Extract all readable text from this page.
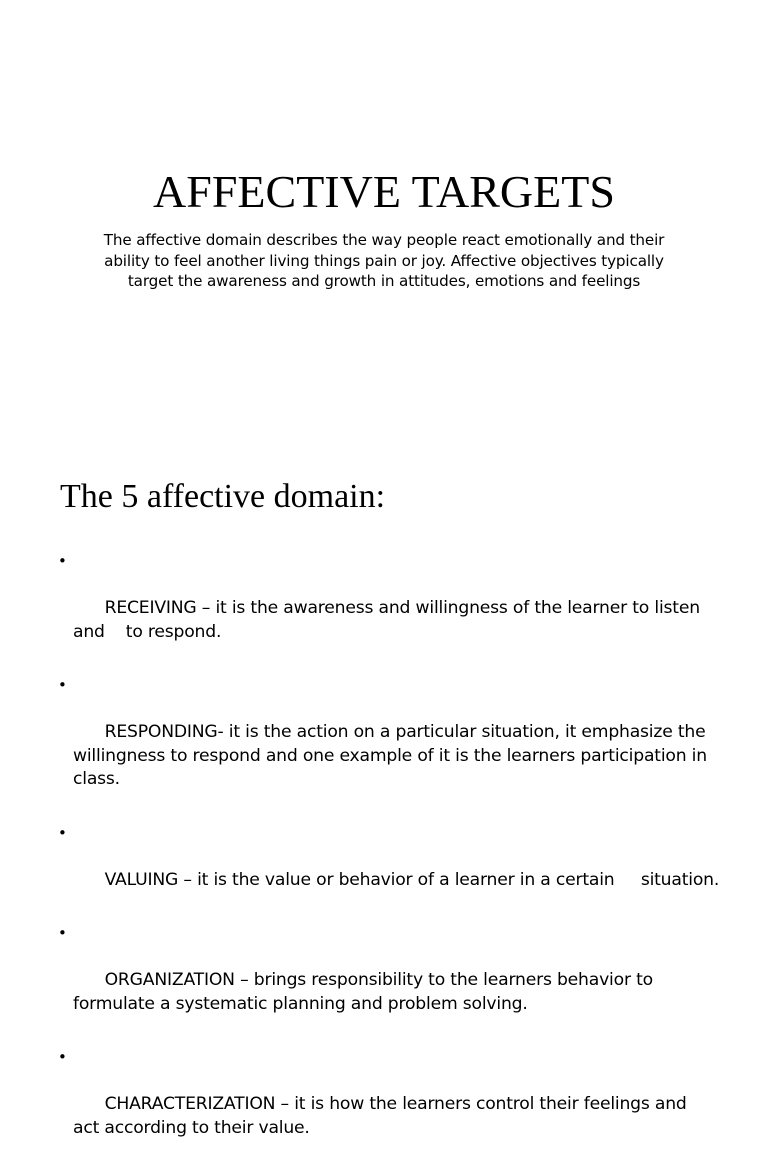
AFFECTIVE TARGETS

The affective domain describes the way people react emotionally and their ability to feel another living things pain or joy. Affective objectives typically target the awareness and growth in attitudes, emotions and feelings

The 5 affective domain:

•

RECEIVING – it is the awareness and willingness of the learner to listen and    to respond.

•

RESPONDING- it is the action on a particular situation, it emphasize the willingness to respond and one example of it is the learners participation in class.

•

VALUING – it is the value or behavior of a learner in a certain     situation.

•

ORGANIZATION – brings responsibility to the learners behavior to formulate a systematic planning and problem solving.

•

CHARACTERIZATION – it is how the learners control their feelings and  act according to their value.
